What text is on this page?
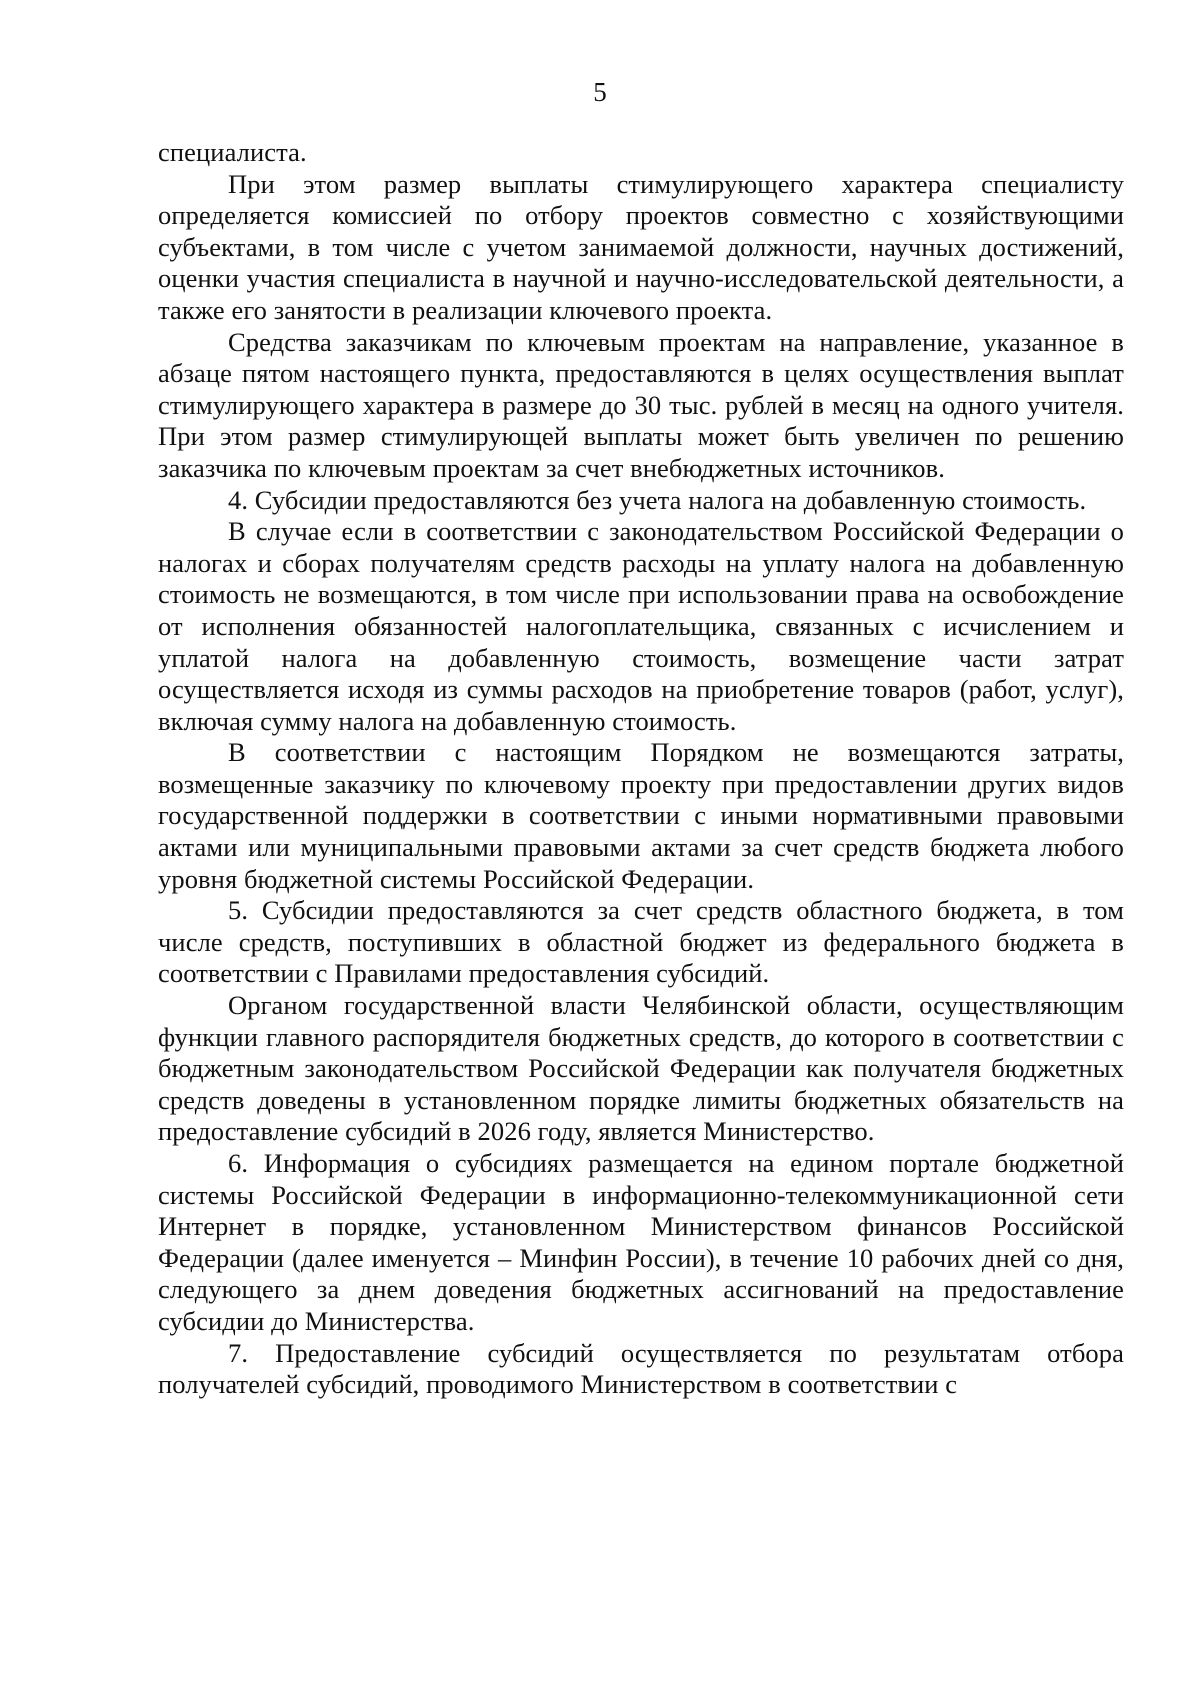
5

специалиста.

При этом размер выплаты стимулирующего характера специалисту определяется комиссией по отбору проектов совместно с хозяйствующими субъектами, в том числе с учетом занимаемой должности, научных достижений, оценки участия специалиста в научной и научно-исследовательской деятельности, а также его занятости в реализации ключевого проекта.

Средства заказчикам по ключевым проектам на направление, указанное в абзаце пятом настоящего пункта, предоставляются в целях осуществления выплат стимулирующего характера в размере до 30 тыс. рублей в месяц на одного учителя. При этом размер стимулирующей выплаты может быть увеличен по решению заказчика по ключевым проектам за счет внебюджетных источников.

4. Субсидии предоставляются без учета налога на добавленную стоимость.

В случае если в соответствии с законодательством Российской Федерации о налогах и сборах получателям средств расходы на уплату налога на добавленную стоимость не возмещаются, в том числе при использовании права на освобождение от исполнения обязанностей налогоплательщика, связанных с исчислением и уплатой налога на добавленную стоимость, возмещение части затрат осуществляется исходя из суммы расходов на приобретение товаров (работ, услуг), включая сумму налога на добавленную стоимость.

В соответствии с настоящим Порядком не возмещаются затраты, возмещенные заказчику по ключевому проекту при предоставлении других видов государственной поддержки в соответствии с иными нормативными правовыми актами или муниципальными правовыми актами за счет средств бюджета любого уровня бюджетной системы Российской Федерации.

5. Субсидии предоставляются за счет средств областного бюджета, в том числе средств, поступивших в областной бюджет из федерального бюджета в соответствии с Правилами предоставления субсидий.

Органом государственной власти Челябинской области, осуществляющим функции главного распорядителя бюджетных средств, до которого в соответствии с бюджетным законодательством Российской Федерации как получателя бюджетных средств доведены в установленном порядке лимиты бюджетных обязательств на предоставление субсидий в 2026 году, является Министерство.

6. Информация о субсидиях размещается на едином портале бюджетной системы Российской Федерации в информационно-телекоммуникационной сети Интернет в порядке, установленном Министерством финансов Российской Федерации (далее именуется – Минфин России), в течение 10 рабочих дней со дня, следующего за днем доведения бюджетных ассигнований на предоставление субсидии до Министерства.

7. Предоставление субсидий осуществляется по результатам отбора получателей субсидий, проводимого Министерством в соответствии с
